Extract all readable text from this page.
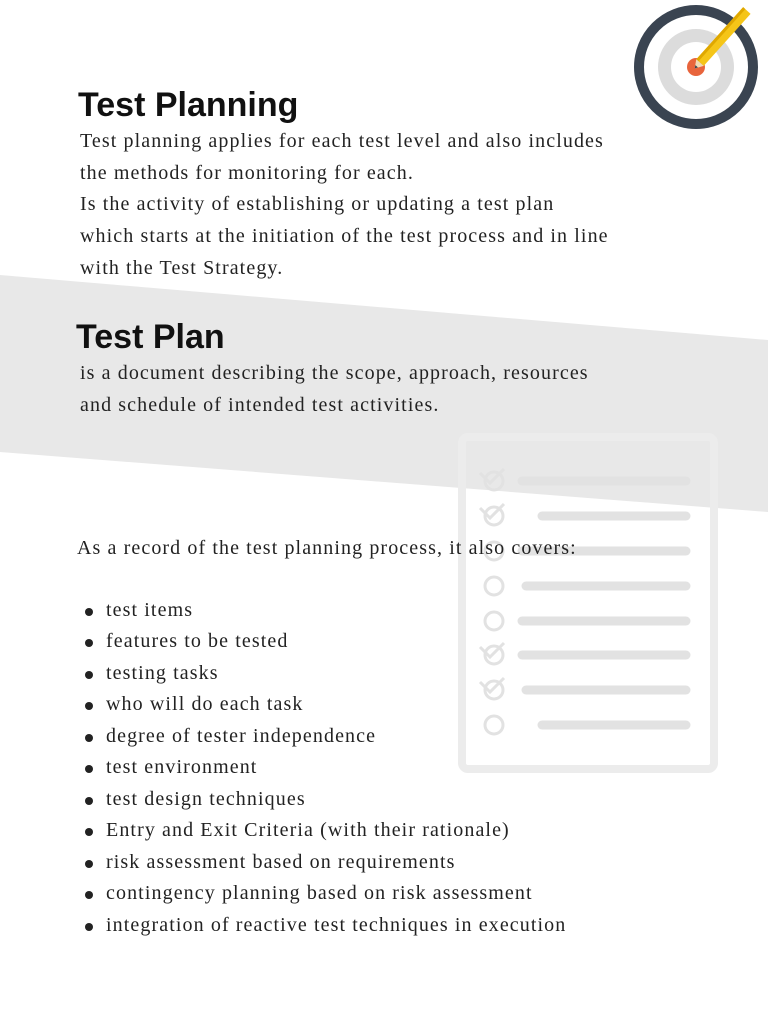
Test Planning

Test planning applies for each test level and also includes
the methods for monitoring for each.
Is the activity of establishing or updating a test plan
which starts at the initiation of the test process and in line
with the Test Strategy.

Test Plan

is a document describing the scope, approach, resources
and schedule of intended test activities.

As a record of the test planning process, it also covers:

test items
features to be tested
testing tasks
who will do each task
degree of tester independence
test environment
test design techniques
Entry and Exit Criteria (with their rationale)
risk assessment based on requirements
contingency planning based on risk assessment
integration of reactive test techniques in execution
